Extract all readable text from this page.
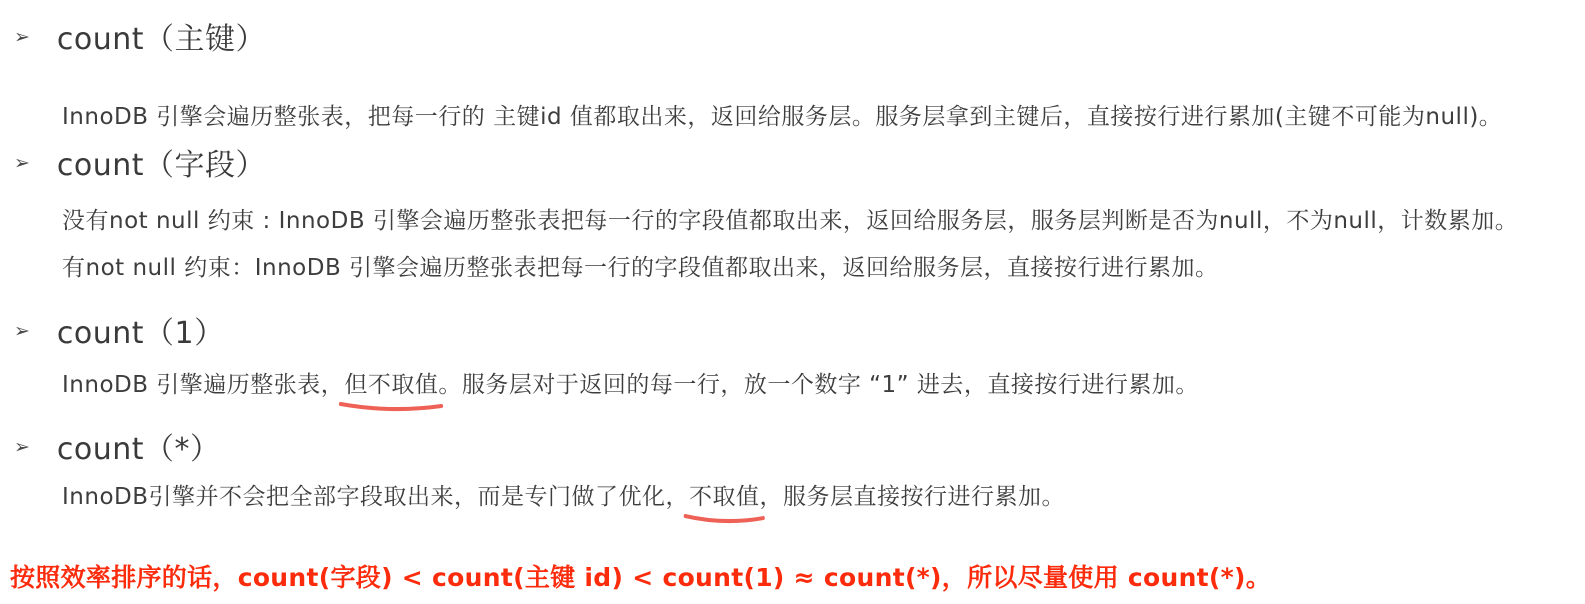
➢ count（主键）
InnoDB 引擎会遍历整张表，把每一行的 主键id 值都取出来，返回给服务层。服务层拿到主键后，直接按行进行累加(主键不可能为null)。
➢ count（字段）
没有not null 约束 : InnoDB 引擎会遍历整张表把每一行的字段值都取出来，返回给服务层，服务层判断是否为null，不为null，计数累加。
有not null 约束：InnoDB 引擎会遍历整张表把每一行的字段值都取出来，返回给服务层，直接按行进行累加。
➢ count（1）
InnoDB 引擎遍历整张表，但不取值
。服务层对于返回的每一行，放一个数字 “1” 进去，直接按行进行累加。
➢ count（*）
InnoDB引擎并不会把全部字段取出来，而是专门做了优化，不取值
，服务层直接按行进行累加。
按照效率排序的话，count(字段) < count(主键 id) < count(1) ≈ count(*)，所以尽量使用 count(*)。
